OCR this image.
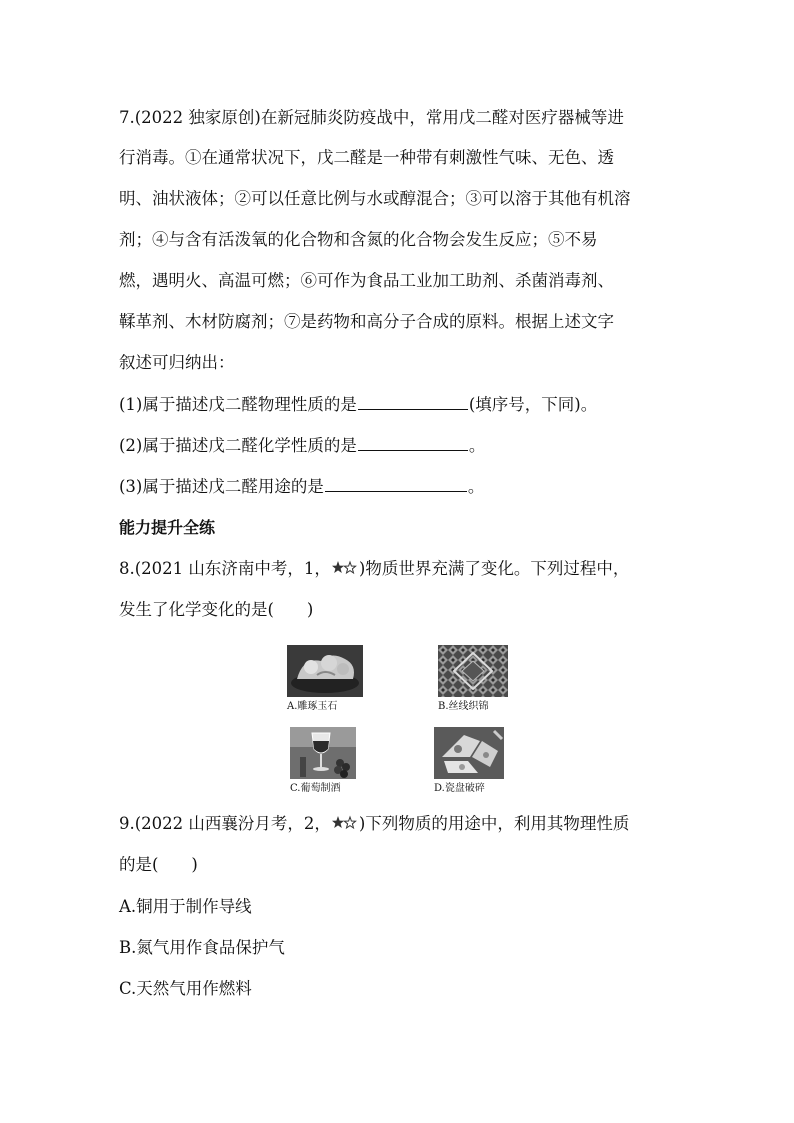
7.(2022 独家原创)在新冠肺炎防疫战中，常用戊二醛对医疗器械等进
行消毒。①在通常状况下，戊二醛是一种带有刺激性气味、无色、透
明、油状液体；②可以任意比例与水或醇混合；③可以溶于其他有机溶
剂；④与含有活泼氧的化合物和含氮的化合物会发生反应；⑤不易
燃，遇明火、高温可燃；⑥可作为食品工业加工助剂、杀菌消毒剂、
鞣革剂、木材防腐剂；⑦是药物和高分子合成的原料。根据上述文字
叙述可归纳出：
(1)属于描述戊二醛物理性质的是	(填序号，下同)。
(2)属于描述戊二醛化学性质的是	。
(3)属于描述戊二醛用途的是	。
能力提升全练
8.(2021 山东济南中考，1， )物质世界充满了变化。下列过程中，
发生了化学变化的是(　　)
A.雕琢玉石	B.丝线织锦
C.葡萄制酒	D.瓷盘破碎
9.(2022 山西襄汾月考，2， )下列物质的用途中，利用其物理性质
的是(　　)
A.铜用于制作导线
B.氮气用作食品保护气
C.天然气用作燃料
